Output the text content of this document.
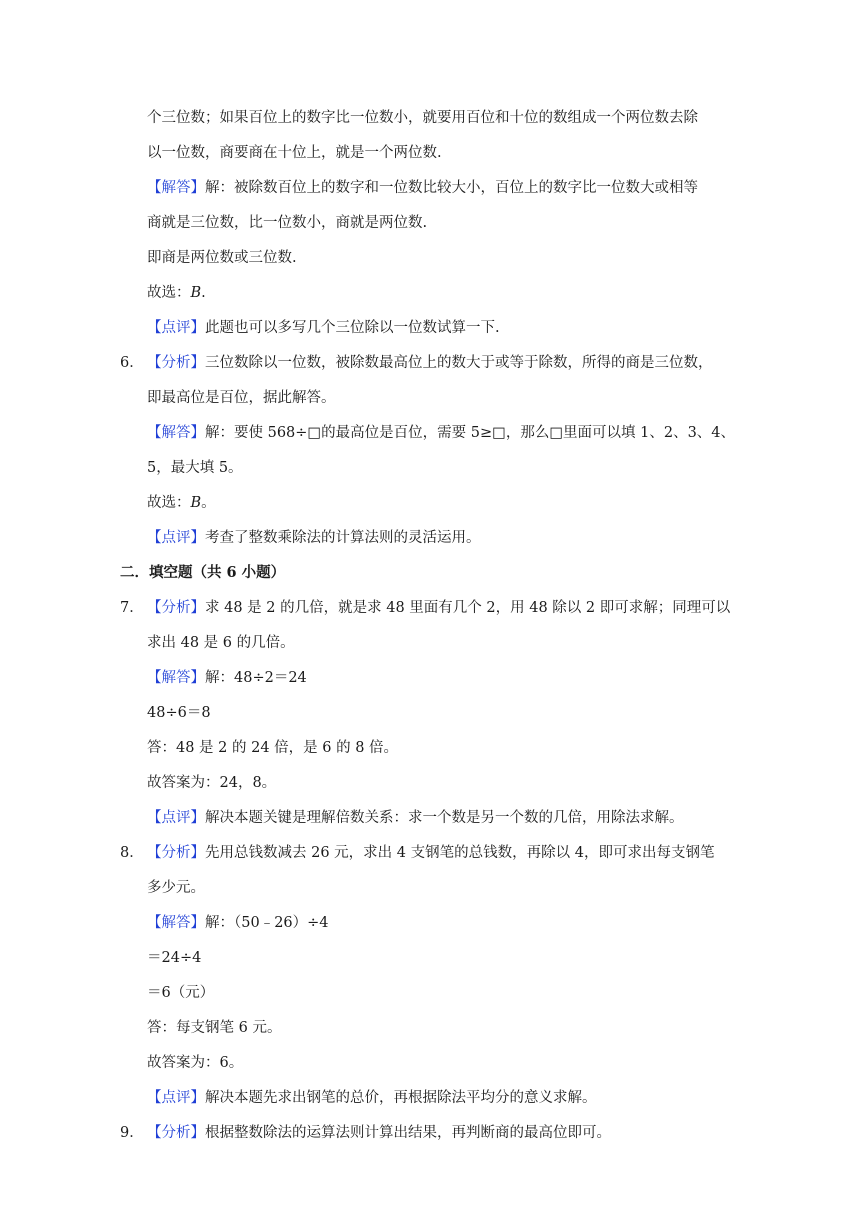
个三位数；如果百位上的数字比一位数小，就要用百位和十位的数组成一个两位数去除
以一位数，商要商在十位上，就是一个两位数.
【解答】解：被除数百位上的数字和一位数比较大小，百位上的数字比一位数大或相等
商就是三位数，比一位数小，商就是两位数.
即商是两位数或三位数.
故选：B.
【点评】此题也可以多写几个三位除以一位数试算一下.
6． 【分析】三位数除以一位数，被除数最高位上的数大于或等于除数，所得的商是三位数，
即最高位是百位，据此解答。
【解答】解：要使 568÷□的最高位是百位，需要 5≥□，那么□里面可以填 1、2、3、4、
5，最大填 5。
故选：B。
【点评】考查了整数乘除法的计算法则的灵活运用。
二．填空题（共 6 小题）
7． 【分析】求 48 是 2 的几倍，就是求 48 里面有几个 2，用 48 除以 2 即可求解；同理可以
求出 48 是 6 的几倍。
【解答】解：48÷2＝24
48÷6＝8
答：48 是 2 的 24 倍，是 6 的 8 倍。
故答案为：24，8。
【点评】解决本题关键是理解倍数关系：求一个数是另一个数的几倍，用除法求解。
8． 【分析】先用总钱数减去 26 元，求出 4 支钢笔的总钱数，再除以 4，即可求出每支钢笔
多少元。
【解答】解：（50﹣26）÷4
＝24÷4
＝6（元）
答：每支钢笔 6 元。
故答案为：6。
【点评】解决本题先求出钢笔的总价，再根据除法平均分的意义求解。
9． 【分析】根据整数除法的运算法则计算出结果，再判断商的最高位即可。
